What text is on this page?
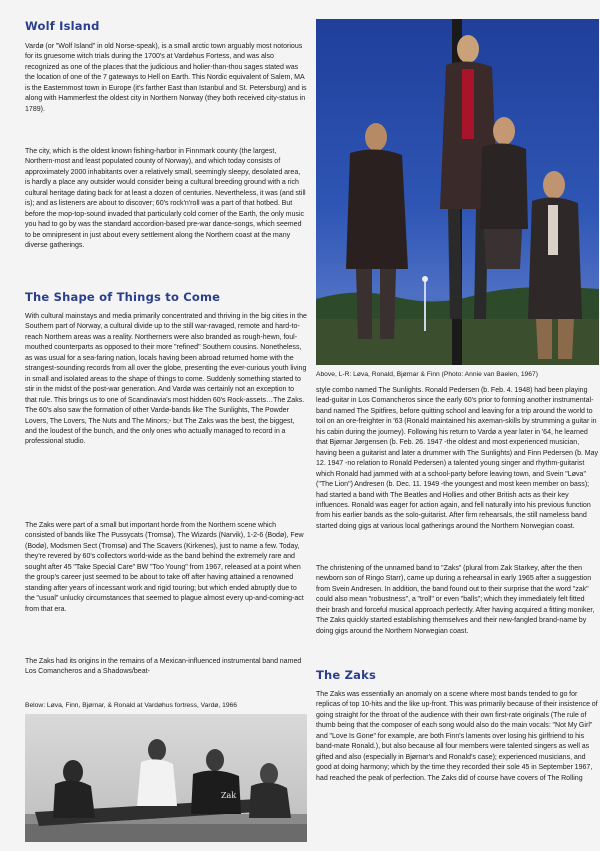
Wolf Island

Vardø (or "Wolf Island" in old Norse-speak), is a small arctic town arguably most notorious for its gruesome witch trials during the 1700's at Vardøhus Fortess, and was also recognized as one of the places that the judicious and holier-than-thou sages stated was the location of one of the 7 gateways to Hell on Earth. This Nordic equivalent of Salem, MA is the Easternmost town in Europe (it's farther East than Istanbul and St. Petersburg) and is along with Hammerfest the oldest city in Northern Norway (they both received city-status in 1789).

The city, which is the oldest known fishing-harbor in Finnmark county (the largest, Northern-most and least populated county of Norway), and which today consists of approximately 2000 inhabitants over a relatively small, seemingly sleepy, desolated area, is hardly a place any outsider would consider being a cultural breeding ground with a rich cultural heritage dating back for at least a dozen of centuries. Nevertheless, it was (and still is); and as listeners are about to discover; 60's rock'n'roll was a part of that hotbed. But before the mop-top-sound invaded that particularly cold corner of the Earth, the only music you had to go by was the standard accordion-based pre-war dance-songs, which seemed to be omnipresent in just about every settlement along the Northern coast at the many diverse gatherings.

The Shape of Things to Come

With cultural mainstays and media primarily concentrated and thriving in the big cities in the Southern part of Norway, a cultural divide up to the still war-ravaged, remote and hard-to-reach Northern areas was a reality. Northerners were also branded as rough-hewn, foul-mouthed counterparts as opposed to their more "refined" Southern cousins. Nonetheless, as was usual for a sea-faring nation, locals having been abroad returned home with the strangest-sounding records from all over the globe, presenting the ever-curious youth living in small and isolated areas to the shape of things to come. Suddenly something started to stir in the midst of the post-war generation. And Vardø was certainly not an exception to that rule. This brings us to one of Scandinavia's most hidden 60's Rock-assets…The Zaks. The 60's also saw the formation of other Vardø-bands like The Sunlights, The Powder Lovers, The Lovers, The Nuts and The Minors;- but The Zaks was the best, the biggest, and the loudest of the bunch, and the only ones who actually managed to record in a professional studio.

The Zaks were part of a small but important horde from the Northern scene which consisted of bands like The Pussycats (Tromsø), The Wizards (Narvik), 1-2-6 (Bodø), Few (Bodø), Modsmen Sect (Tromsø) and The Scavers (Kirkenes), just to name a few. Today, they're revered by 60's collectors world-wide as the band behind the extremely rare and sought after 45 "Take Special Care" BW "Too Young" from 1967, released at a point when the group's career just seemed to be about to take off after having attained a renowned standing after years of incessant work and rigid touring; but which ended abruptly due to the "usual" unlucky circumstances that seemed to plague almost every up-and-coming-act from that era.

The Zaks had its origins in the remains of a Mexican-influenced instrumental band named Los Comancheros and a Shadows/beat-

Below: Løva, Finn, Bjørnar, & Ronald at Vardøhus fortress, Vardø, 1966

Zak

Above, L-R: Løva, Ronald, Bjørnar & Finn (Photo: Annie van Baelen, 1967)

style combo named The Sunlights. Ronald Pedersen (b. Feb. 4. 1948) had been playing lead-guitar in Los Comancheros since the early 60's prior to forming another instrumental-band named The Spitfires, before quitting school and leaving for a trip around the world to toil on an ore-freighter in '63 (Ronald maintained his axeman-skills by strumming a guitar in his cabin during the journey). Following his return to Vardø a year later in '64, he learned that Bjørnar Jørgensen (b. Feb. 26. 1947 -the oldest and most experienced musician, having been a guitarist and later a drummer with The Sunlights) and Finn Pedersen (b. May 12. 1947 -no relation to Ronald Pedersen) a talented young singer and rhythm-guitarist which Ronald had jammed with at a school-party before leaving town, and Svein "Løva" ("The Lion") Andresen (b. Dec. 11. 1949 -the youngest and most keen member on bass); had started a band with The Beatles and Hollies and other British acts as their key influences. Ronald was eager for action again, and fell naturally into his previous function from his earlier bands as the solo-guitarist. After firm rehearsals, the still nameless band started doing gigs at various local gatherings around the Northern Norwegian coast.

The christening of the unnamed band to "Zaks" (plural from Zak Starkey, after the then newborn son of Ringo Starr), came up during a rehearsal in early 1965 after a suggestion from Svein Andresen. In addition, the band found out to their surprise that the word "zak" could also mean "robustness", a "troll" or even "balls"; which they immediately felt fitted their brash and forceful musical approach perfectly. After having acquired a fitting moniker, The Zaks quickly started establishing themselves and their new-fangled brand-name by doing gigs around the Northern Norwegian coast.

The Zaks

The Zaks was essentially an anomaly on a scene where most bands tended to go for replicas of top 10-hits and the like up-front. This was primarily because of their insistence of going straight for the throat of the audience with their own first-rate originals (The rule of thumb being that the composer of each song would also do the main vocals: "Not My Girl" and "Love Is Gone" for example, are both Finn's laments over losing his girlfriend to his band-mate Ronald.), but also because all four members were talented singers as well as gifted and also (especially in Bjørnar's and Ronald's case); experienced musicians, and good at doing harmony; which by the time they recorded their sole 45 in September 1967, had reached the peak of perfection. The Zaks did of course have covers of The Rolling
